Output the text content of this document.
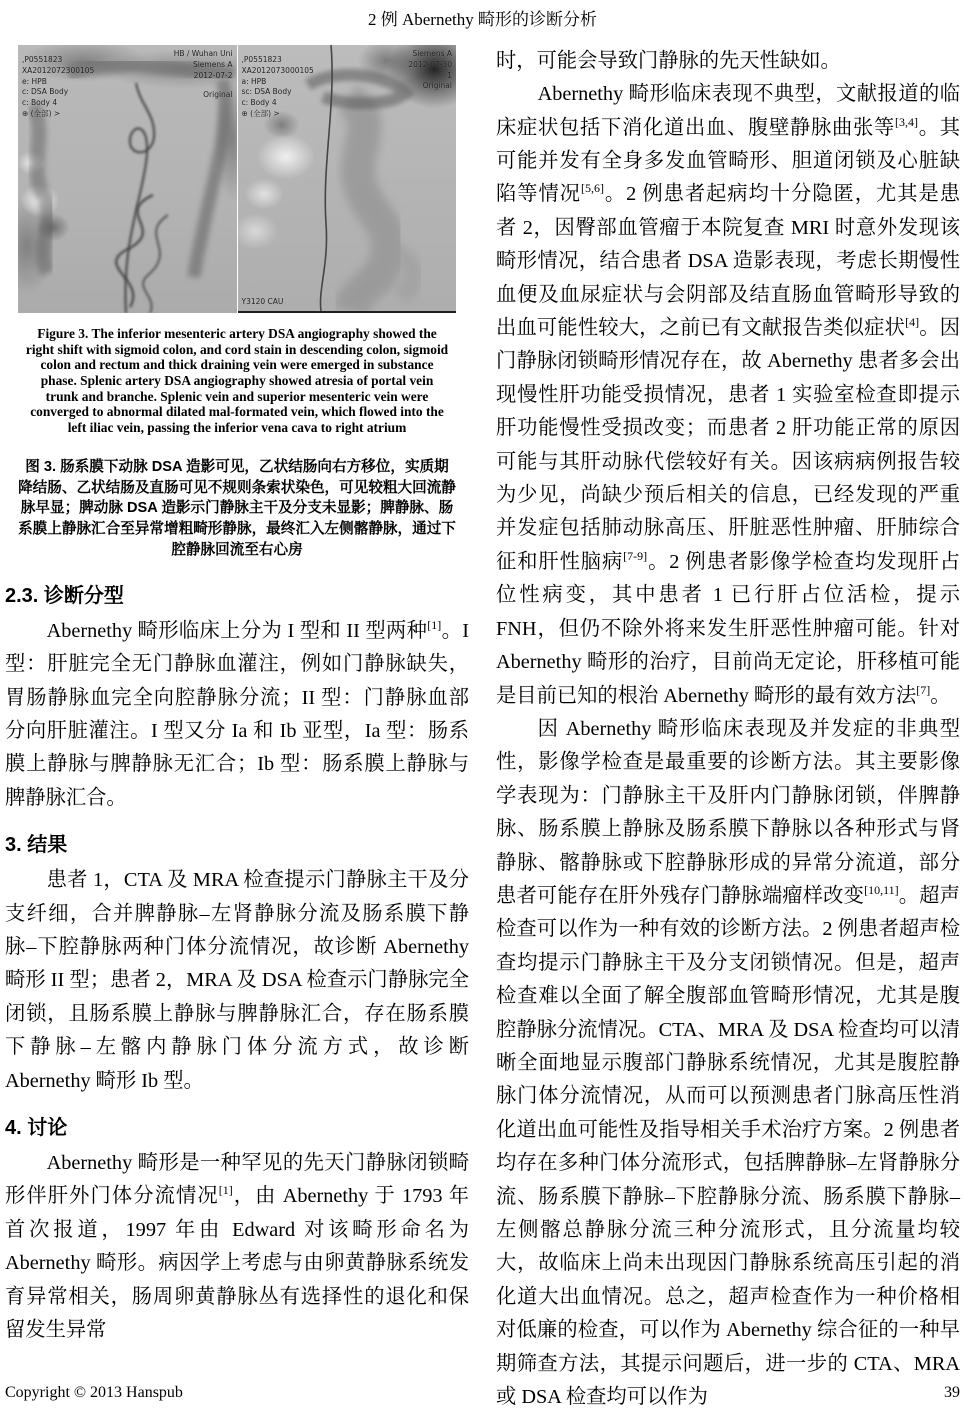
2 例 Abernethy 畸形的诊断分析
,P0551823
XA2012072300105
e: HPB
c: DSA Body
c: Body 4
⊕ (全部) >
HB / Wuhan Uni
Siemens A
2012-07-2
Original
,P0551823
XA2012073000105
a: HPB
sc: DSA Body
c: Body 4
⊕ (全部) >
Siemens A
2012-07-30
1
Original
Y3120 CAU
Figure 3. The inferior mesenteric artery DSA angiography showed the right shift with sigmoid colon, and cord stain in descending colon, sigmoid colon and rectum and thick draining vein were emerged in substance phase. Splenic artery DSA angiography showed atresia of portal vein trunk and branche. Splenic vein and superior mesenteric vein were converged to abnormal dilated mal-formated vein, which flowed into the left iliac vein, passing the inferior vena cava to right atrium
图 3. 肠系膜下动脉 DSA 造影可见，乙状结肠向右方移位，实质期降结肠、乙状结肠及直肠可见不规则条索状染色，可见较粗大回流静脉早显；脾动脉 DSA 造影示门静脉主干及分支未显影；脾静脉、肠系膜上静脉汇合至异常增粗畸形静脉，最终汇入左侧髂静脉，通过下腔静脉回流至右心房
2.3. 诊断分型

Abernethy 畸形临床上分为 I 型和 II 型两种[1]。I 型：肝脏完全无门静脉血灌注，例如门静脉缺失，胃肠静脉血完全向腔静脉分流；II 型：门静脉血部分向肝脏灌注。I 型又分 Ia 和 Ib 亚型，Ia 型：肠系膜上静脉与脾静脉无汇合；Ib 型：肠系膜上静脉与脾静脉汇合。

3. 结果

患者 1，CTA 及 MRA 检查提示门静脉主干及分支纤细，合并脾静脉–左肾静脉分流及肠系膜下静脉–下腔静脉两种门体分流情况，故诊断 Abernethy 畸形 II 型；患者 2，MRA 及 DSA 检查示门静脉完全闭锁，且肠系膜上静脉与脾静脉汇合，存在肠系膜下静脉–左髂内静脉门体分流方式，故诊断 Abernethy 畸形 Ib 型。

4. 讨论

Abernethy 畸形是一种罕见的先天门静脉闭锁畸形伴肝外门体分流情况[1]，由 Abernethy 于 1793 年首次报道，1997 年由 Edward 对该畸形命名为 Abernethy 畸形。病因学上考虑与由卵黄静脉系统发育异常相关，肠周卵黄静脉丛有选择性的退化和保留发生异常

时，可能会导致门静脉的先天性缺如。

Abernethy 畸形临床表现不典型，文献报道的临床症状包括下消化道出血、腹壁静脉曲张等[3,4]。其可能并发有全身多发血管畸形、胆道闭锁及心脏缺陷等情况[5,6]。2 例患者起病均十分隐匿，尤其是患者 2，因臀部血管瘤于本院复查 MRI 时意外发现该畸形情况，结合患者 DSA 造影表现，考虑长期慢性血便及血尿症状与会阴部及结直肠血管畸形导致的出血可能性较大，之前已有文献报告类似症状[4]。因门静脉闭锁畸形情况存在，故 Abernethy 患者多会出现慢性肝功能受损情况，患者 1 实验室检查即提示肝功能慢性受损改变；而患者 2 肝功能正常的原因可能与其肝动脉代偿较好有关。因该病病例报告较为少见，尚缺少预后相关的信息，已经发现的严重并发症包括肺动脉高压、肝脏恶性肿瘤、肝肺综合征和肝性脑病[7-9]。2 例患者影像学检查均发现肝占位性病变，其中患者 1 已行肝占位活检，提示 FNH，但仍不除外将来发生肝恶性肿瘤可能。针对 Abernethy 畸形的治疗，目前尚无定论，肝移植可能是目前已知的根治 Abernethy 畸形的最有效方法[7]。

因 Abernethy 畸形临床表现及并发症的非典型性，影像学检查是最重要的诊断方法。其主要影像学表现为：门静脉主干及肝内门静脉闭锁，伴脾静脉、肠系膜上静脉及肠系膜下静脉以各种形式与肾静脉、髂静脉或下腔静脉形成的异常分流道，部分患者可能存在肝外残存门静脉端瘤样改变[10,11]。超声检查可以作为一种有效的诊断方法。2 例患者超声检查均提示门静脉主干及分支闭锁情况。但是，超声检查难以全面了解全腹部血管畸形情况，尤其是腹腔静脉分流情况。CTA、MRA 及 DSA 检查均可以清晰全面地显示腹部门静脉系统情况，尤其是腹腔静脉门体分流情况，从而可以预测患者门脉高压性消化道出血可能性及指导相关手术治疗方案。2 例患者均存在多种门体分流形式，包括脾静脉–左肾静脉分流、肠系膜下静脉–下腔静脉分流、肠系膜下静脉–左侧髂总静脉分流三种分流形式，且分流量均较大，故临床上尚未出现因门静脉系统高压引起的消化道大出血情况。总之，超声检查作为一种价格相对低廉的检查，可以作为 Abernethy 综合征的一种早期筛查方法，其提示问题后，进一步的 CTA、MRA 或 DSA 检查均可以作为

Copyright © 2013 Hanspub	39
